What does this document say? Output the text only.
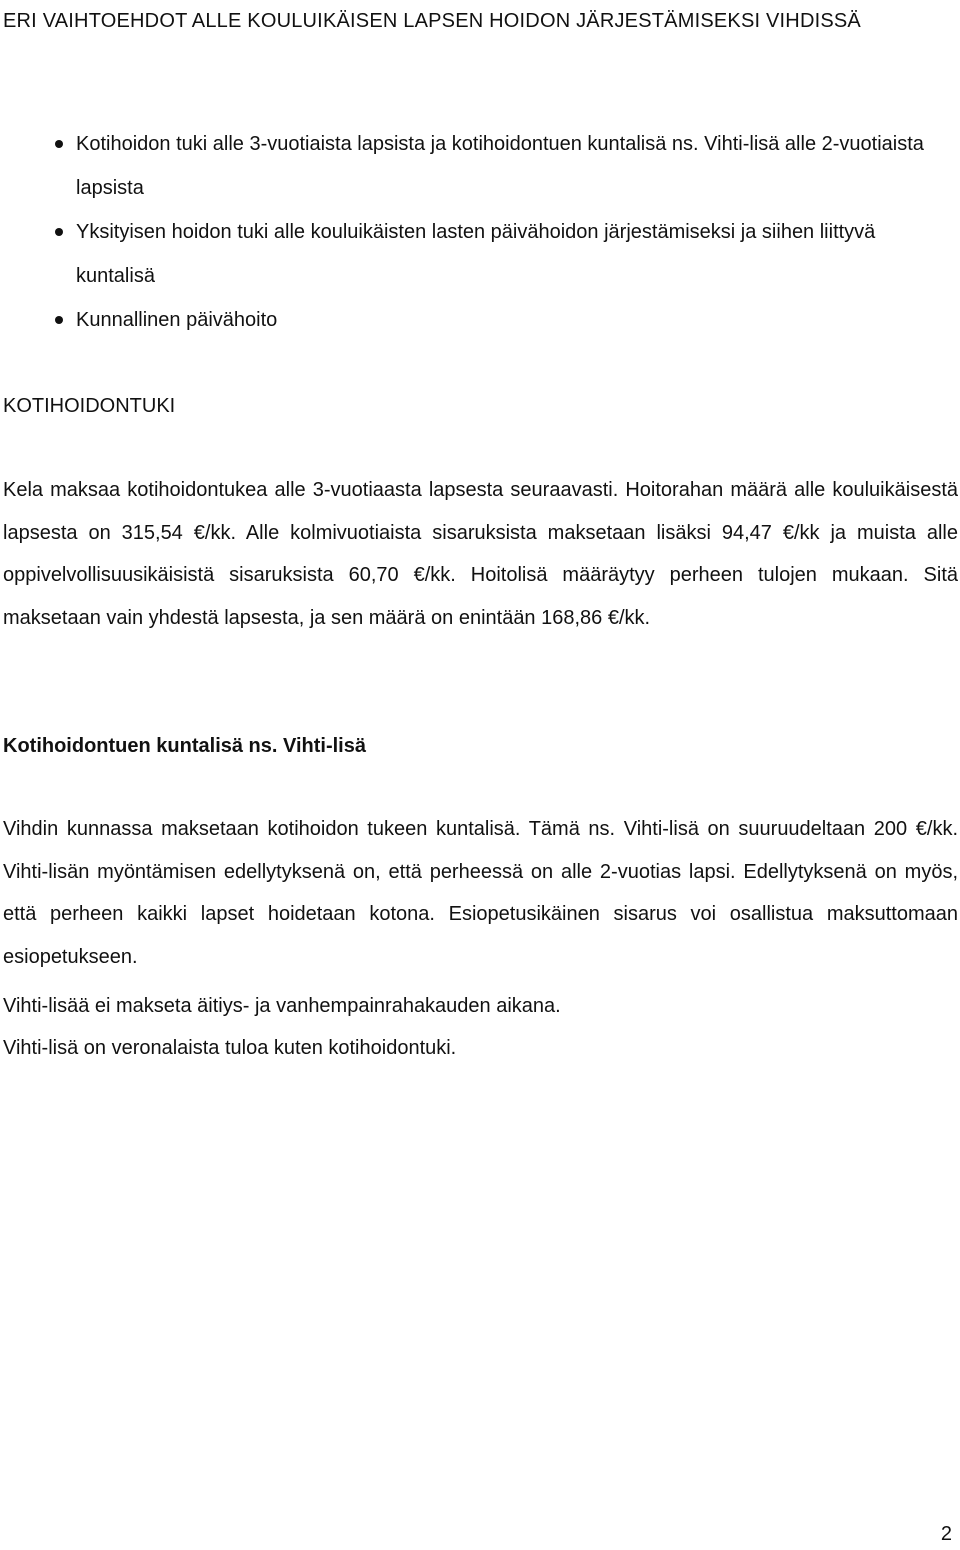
ERI VAIHTOEHDOT ALLE KOULUIKÄISEN LAPSEN HOIDON JÄRJESTÄMISEKSI VIHDISSÄ
Kotihoidon tuki alle 3-vuotiaista lapsista ja kotihoidontuen kuntalisä ns. Vihti-lisä alle 2-vuotiaista lapsista
Yksityisen hoidon tuki alle kouluikäisten lasten päivähoidon järjestämiseksi ja siihen liittyvä kuntalisä
Kunnallinen päivähoito
KOTIHOIDONTUKI

Kela maksaa kotihoidontukea alle 3-vuotiaasta lapsesta seuraavasti. Hoitorahan määrä alle kouluikäisestä lapsesta on 315,54 €/kk. Alle kolmivuotiaista sisaruksista maksetaan lisäksi 94,47 €/kk ja muista alle oppivelvollisuusikäisistä sisaruksista 60,70 €/kk. Hoitolisä määräytyy perheen tulojen mukaan. Sitä maksetaan vain yhdestä lapsesta, ja sen määrä on enintään 168,86 €/kk.

Kotihoidontuen kuntalisä ns. Vihti-lisä

Vihdin kunnassa maksetaan kotihoidon tukeen kuntalisä. Tämä ns. Vihti-lisä on suuruudeltaan 200 €/kk. Vihti-lisän myöntämisen edellytyksenä on, että perheessä on alle 2-vuotias lapsi. Edellytyksenä on myös, että perheen kaikki lapset hoidetaan kotona. Esiopetusikäinen sisarus voi osallistua maksuttomaan esiopetukseen.

Vihti-lisää ei makseta äitiys- ja vanhempainrahakauden aikana.

Vihti-lisä on veronalaista tuloa kuten kotihoidontuki.

2
